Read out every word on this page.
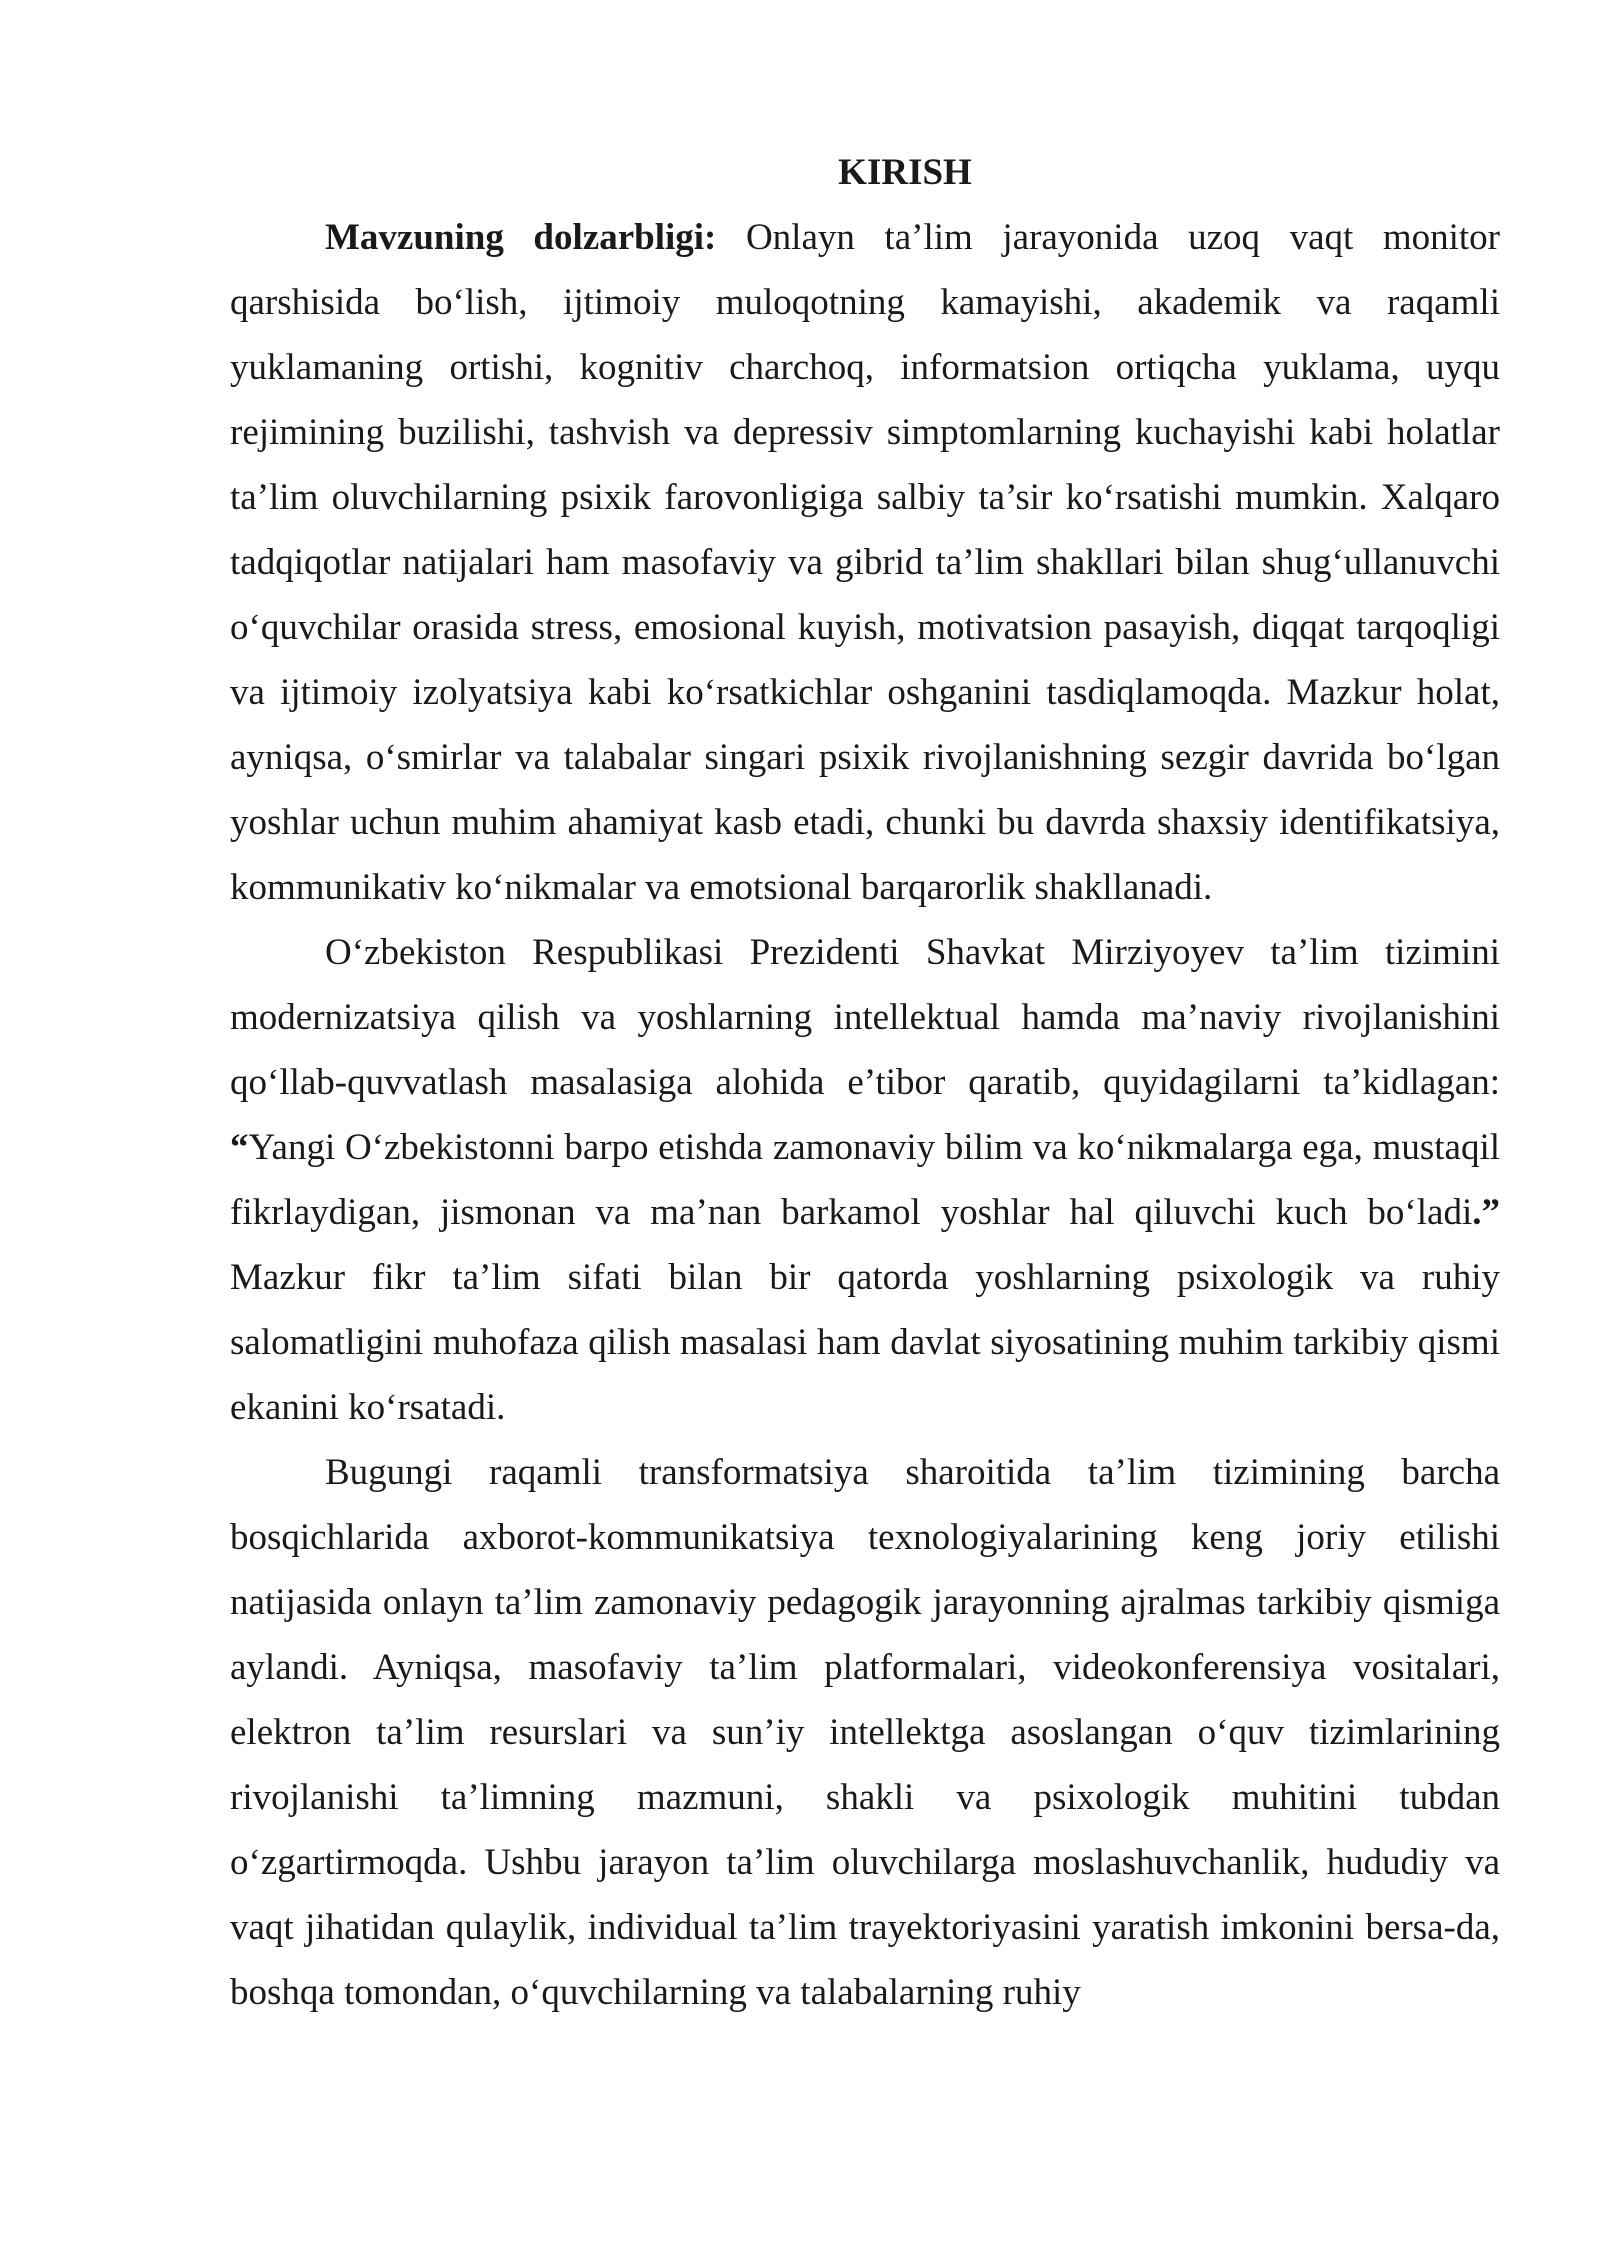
KIRISH

Mavzuning dolzarbligi: Onlayn ta’lim jarayonida uzoq vaqt monitor qarshisida bo‘lish, ijtimoiy muloqotning kamayishi, akademik va raqamli yuklamaning ortishi, kognitiv charchoq, informatsion ortiqcha yuklama, uyqu rejimining buzilishi, tashvish va depressiv simptomlarning kuchayishi kabi holatlar ta’lim oluvchilarning psixik farovonligiga salbiy ta’sir ko‘rsatishi mumkin. Xalqaro tadqiqotlar natijalari ham masofaviy va gibrid ta’lim shakllari bilan shug‘ullanuvchi o‘quvchilar orasida stress, emosional kuyish, motivatsion pasayish, diqqat tarqoqligi va ijtimoiy izolyatsiya kabi ko‘rsatkichlar oshganini tasdiqlamoqda. Mazkur holat, ayniqsa, o‘smirlar va talabalar singari psixik rivojlanishning sezgir davrida bo‘lgan yoshlar uchun muhim ahamiyat kasb etadi, chunki bu davrda shaxsiy identifikatsiya, kommunikativ ko‘nikmalar va emotsional barqarorlik shakllanadi.

O‘zbekiston Respublikasi Prezidenti Shavkat Mirziyoyev ta’lim tizimini modernizatsiya qilish va yoshlarning intellektual hamda ma’naviy rivojlanishini qo‘llab-quvvatlash masalasiga alohida e’tibor qaratib, quyidagilarni ta’kidlagan: “Yangi O‘zbekistonni barpo etishda zamonaviy bilim va ko‘nikmalarga ega, mustaqil fikrlaydigan, jismonan va ma’nan barkamol yoshlar hal qiluvchi kuch bo‘ladi.” Mazkur fikr ta’lim sifati bilan bir qatorda yoshlarning psixologik va ruhiy salomatligini muhofaza qilish masalasi ham davlat siyosatining muhim tarkibiy qismi ekanini ko‘rsatadi.

Bugungi raqamli transformatsiya sharoitida ta’lim tizimining barcha bosqichlarida axborot-kommunikatsiya texnologiyalarining keng joriy etilishi natijasida onlayn ta’lim zamonaviy pedagogik jarayonning ajralmas tarkibiy qismiga aylandi. Ayniqsa, masofaviy ta’lim platformalari, videokonferensiya vositalari, elektron ta’lim resurslari va sun’iy intellektga asoslangan o‘quv tizimlarining rivojlanishi ta’limning mazmuni, shakli va psixologik muhitini tubdan o‘zgartirmoqda. Ushbu jarayon ta’lim oluvchilarga moslashuvchanlik, hududiy va vaqt jihatidan qulaylik, individual ta’lim trayektoriyasini yaratish imkonini bersa-da, boshqa tomondan, o‘quvchilarning va talabalarning ruhiy
